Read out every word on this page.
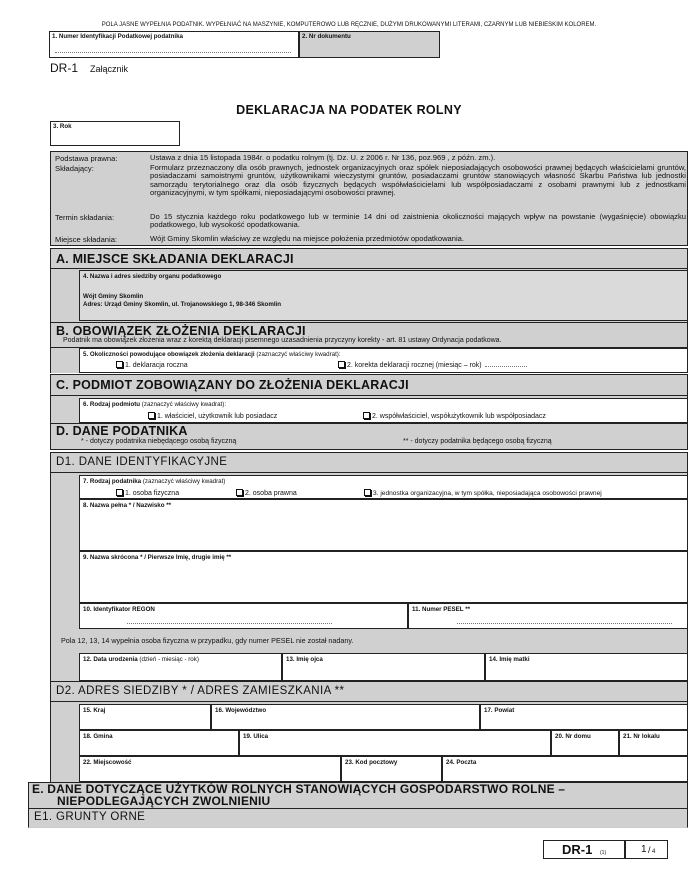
POLA JASNE WYPEŁNIA PODATNIK. WYPEŁNIAĆ NA MASZYNIE, KOMPUTEROWO LUB RĘCZNIE, DUŻYMI DRUKOWANYMI LITERAMI, CZARNYM LUB NIEBIESKIM KOLOREM.
1. Numer Identyfikacji Podatkowej podatnika	2. Nr dokumentu
DR-1 Załącznik
DEKLARACJA NA PODATEK ROLNY
3. Rok
Podstawa prawna:	Ustawa z dnia 15 listopada 1984r. o podatku rolnym (tj. Dz. U. z 2006 r. Nr 136, poz.969 , z późn. zm.).
Składający:	Formularz przeznaczony dla osób prawnych, jednostek organizacyjnych oraz spółek nieposiadających osobowości prawnej będących właścicielami gruntów, posiadaczami samoistnymi gruntów, użytkownikami wieczystymi gruntów, posiadaczami gruntów stanowiących własność Skarbu Państwa lub jednostki samorządu terytorialnego oraz dla osób fizycznych będących współwłaścicielami lub współposiadaczami z osobami prawnymi lub z jednostkami organizacyjnymi, w tym spółkami, nieposiadającymi osobowości prawnej.
Termin składania:	Do 15 stycznia każdego roku podatkowego lub w terminie 14 dni od zaistnienia okoliczności mających wpływ na powstanie (wygaśnięcie) obowiązku podatkowego, lub wysokość opodatkowania.
Miejsce składania:	Wójt Gminy Skomlin właściwy ze względu na miejsce położenia przedmiotów opodatkowania.
A. MIEJSCE SKŁADANIA DEKLARACJI
4. Nazwa i adres siedziby organu podatkowego
Wójt Gminy Skomlin
Adres: Urząd Gminy Skomlin, ul. Trojanowskiego 1, 98-346 Skomlin
B. OBOWIĄZEK ZŁOŻENIA DEKLARACJI
Podatnik ma obowiązek złożenia wraz z korektą deklaracji pisemnego uzasadnienia przyczyny korekty - art. 81 ustawy Ordynacja podatkowa.
5. Okoliczności powodujące obowiązek złożenia deklaracji (zaznaczyć właściwy kwadrat):
1. deklaracja roczna	2. korekta deklaracji rocznej (miesiąc – rok)
C. PODMIOT ZOBOWIĄZANY DO ZŁOŻENIA DEKLARACJI
6. Rodzaj podmiotu (zaznaczyć właściwy kwadrat):
1. właściciel, użytkownik lub posiadacz	2. współwłaściciel, współużytkownik lub współposiadacz
D. DANE PODATNIKA
* - dotyczy podatnika niebędącego osobą fizyczną	** - dotyczy podatnika będącego osobą fizyczną
D1. DANE IDENTYFIKACYJNE
7. Rodzaj podatnika (zaznaczyć właściwy kwadrat)
1. osoba fizyczna	2. osoba prawna	3. jednostka organizacyjna, w tym spółka, nieposiadająca osobowości prawnej
8. Nazwa pełna * / Nazwisko **
9. Nazwa skrócona * / Pierwsze Imię, drugie imię **
10. Identyfikator REGON	11. Numer PESEL **
Pola 12, 13, 14 wypełnia osoba fizyczna w przypadku, gdy numer PESEL nie został nadany.
12. Data urodzenia (dzień - miesiąc - rok)	13. Imię ojca	14. Imię matki
D2. ADRES SIEDZIBY * / ADRES ZAMIESZKANIA **
15. Kraj	16. Województwo	17. Powiat
18. Gmina	19. Ulica	20. Nr domu	21. Nr lokalu
22. Miejscowość	23. Kod pocztowy	24. Poczta
E. DANE DOTYCZĄCE UŻYTKÓW ROLNYCH STANOWIĄCYCH GOSPODARSTWO ROLNE –
NIEPODLEGAJĄCYCH ZWOLNIENIU
E1. GRUNTY ORNE
DR-1 (1)	1 / 4
